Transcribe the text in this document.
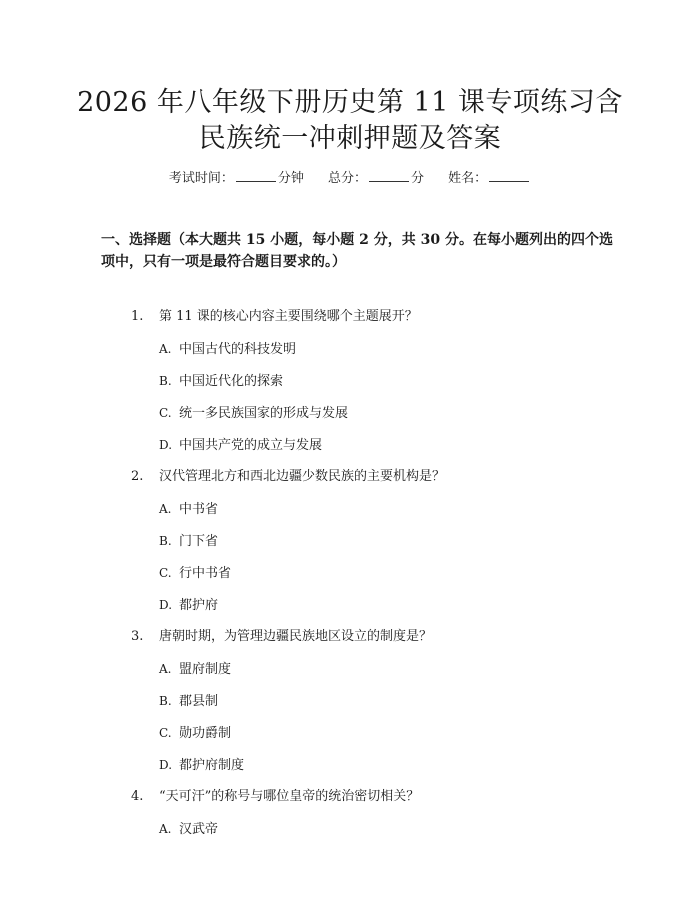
2026 年八年级下册历史第 11 课专项练习含
民族统一冲刺押题及答案
考试时间：	分钟 总分：	分 姓名：
一、选择题（本大题共 15 小题，每小题 2 分，共 30 分。在每小题列出的四个选
项中，只有一项是最符合题目要求的。）
1. 第 11 课的核心内容主要围绕哪个主题展开？
A. 中国古代的科技发明
B. 中国近代化的探索
C. 统一多民族国家的形成与发展
D. 中国共产党的成立与发展
2. 汉代管理北方和西北边疆少数民族的主要机构是？
A. 中书省
B. 门下省
C. 行中书省
D. 都护府
3. 唐朝时期，为管理边疆民族地区设立的制度是？
A. 盟府制度
B. 郡县制
C. 勋功爵制
D. 都护府制度
4. “天可汗”的称号与哪位皇帝的统治密切相关？
A. 汉武帝
